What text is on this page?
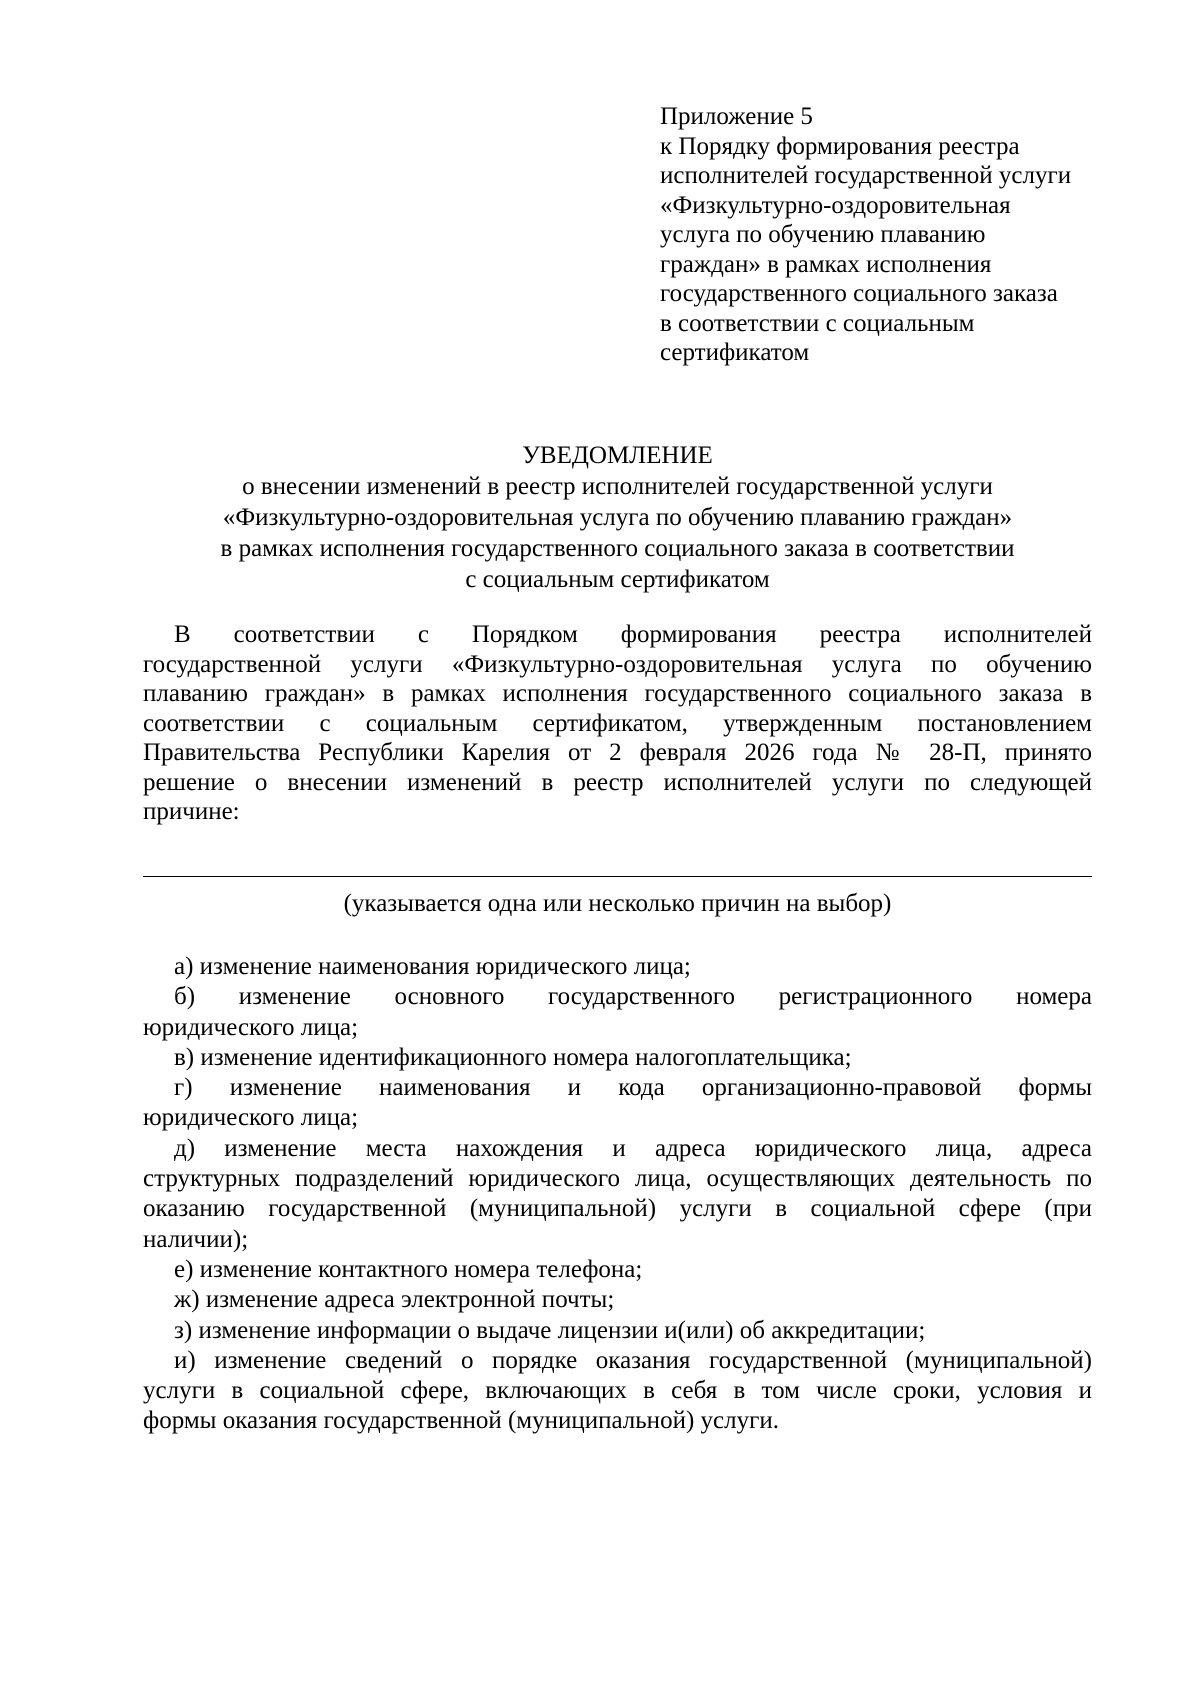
Приложение 5
к Порядку формирования реестра
исполнителей государственной услуги
«Физкультурно-оздоровительная
услуга по обучению плаванию
граждан» в рамках исполнения
государственного социального заказа
в соответствии с социальным
сертификатом
УВЕДОМЛЕНИЕ
о внесении изменений в реестр исполнителей государственной услуги
«Физкультурно-оздоровительная услуга по обучению плаванию граждан»
в рамках исполнения государственного социального заказа в соответствии
с социальным сертификатом
В соответствии с Порядком формирования реестра исполнителей
государственной услуги «Физкультурно-оздоровительная услуга по обучению
плаванию граждан» в рамках исполнения государственного социального заказа в
соответствии с социальным сертификатом, утвержденным постановлением
Правительства Республики Карелия от 2 февраля 2026 года № 28-П, принято
решение о внесении изменений в реестр исполнителей услуги по следующей
причине:
(указывается одна или несколько причин на выбор)
а) изменение наименования юридического лица;
б) изменение основного государственного регистрационного номера
юридического лица;
в) изменение идентификационного номера налогоплательщика;
г) изменение наименования и кода организационно-правовой формы
юридического лица;
д) изменение места нахождения и адреса юридического лица, адреса
структурных подразделений юридического лица, осуществляющих деятельность по
оказанию государственной (муниципальной) услуги в социальной сфере (при
наличии);
е) изменение контактного номера телефона;
ж) изменение адреса электронной почты;
з) изменение информации о выдаче лицензии и(или) об аккредитации;
и) изменение сведений о порядке оказания государственной (муниципальной)
услуги в социальной сфере, включающих в себя в том числе сроки, условия и
формы оказания государственной (муниципальной) услуги.
